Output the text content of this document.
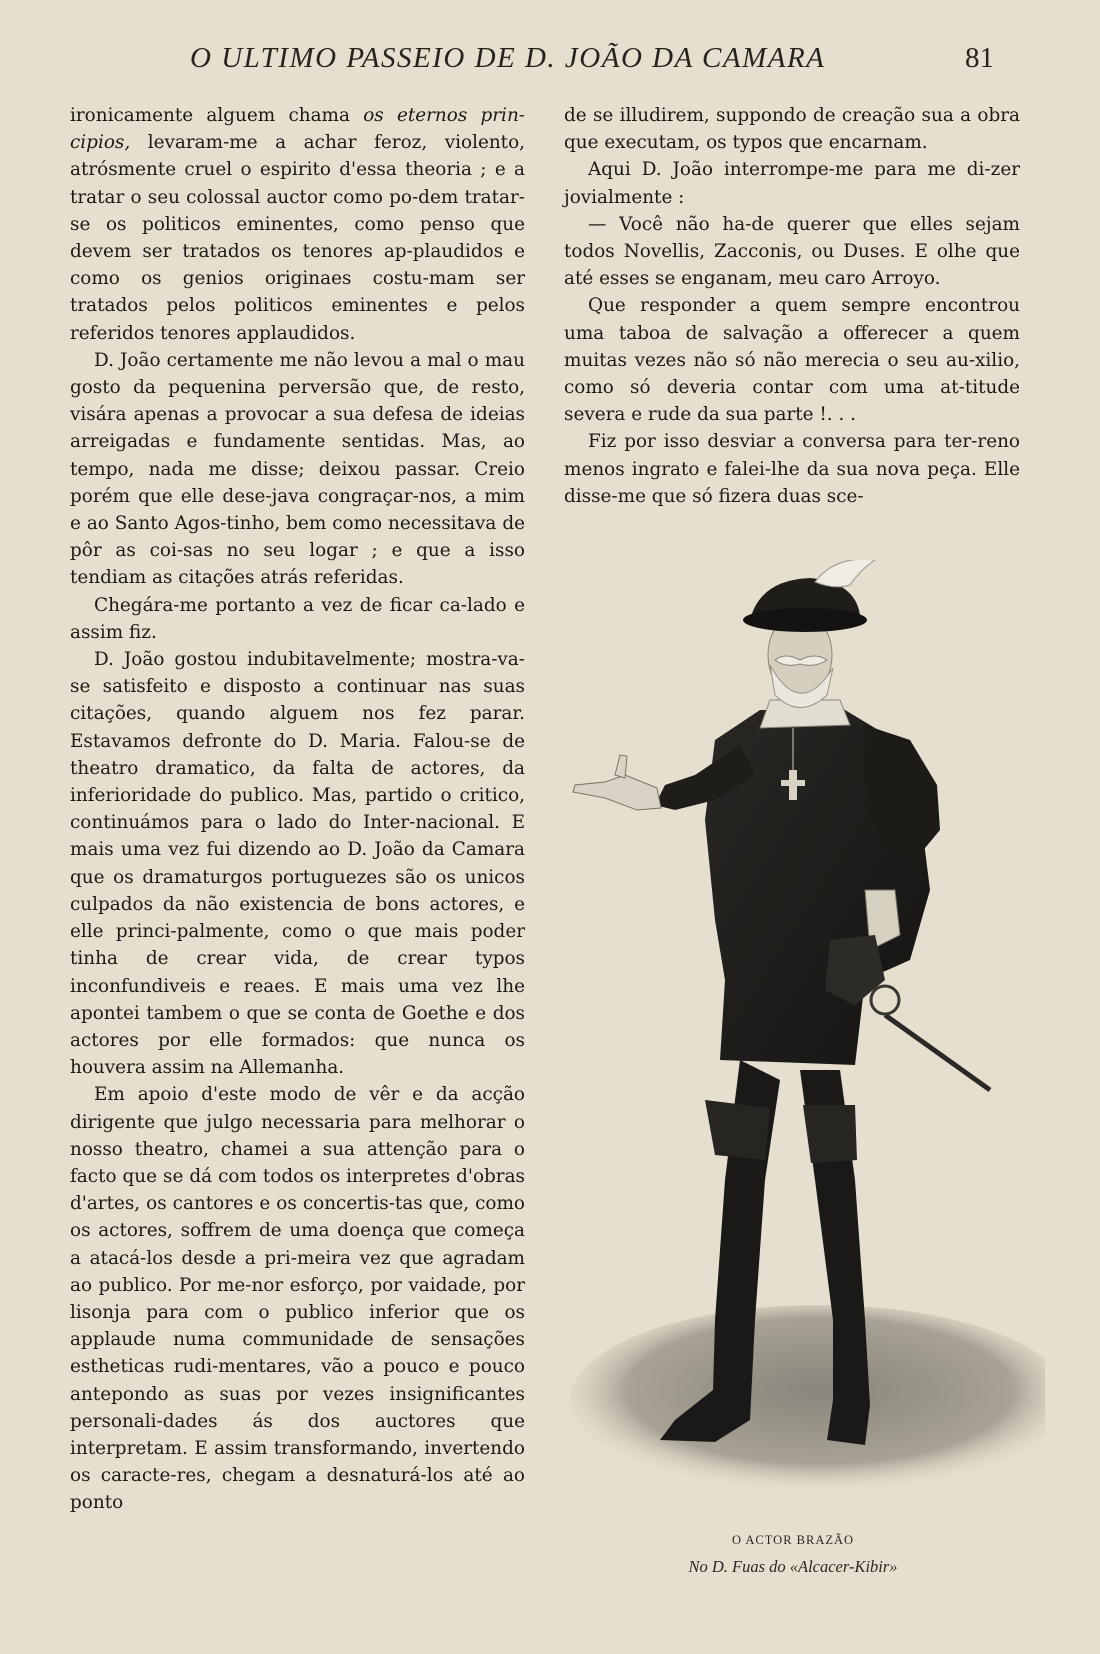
O ULTIMO PASSEIO DE D. JOÃO DA CAMARA	81

ironicamente alguem chama os eternos prin-cipios, levaram-me a achar feroz, violento, atrósmente cruel o espirito d'essa theoria ; e a tratar o seu colossal auctor como po-dem tratar-se os politicos eminentes, como penso que devem ser tratados os tenores ap-plaudidos e como os genios originaes costu-mam ser tratados pelos politicos eminentes e pelos referidos tenores applaudidos.

D. João certamente me não levou a mal o mau gosto da pequenina perversão que, de resto, visára apenas a provocar a sua defesa de ideias arreigadas e fundamente sentidas. Mas, ao tempo, nada me disse; deixou passar. Creio porém que elle dese-java congraçar-nos, a mim e ao Santo Agos-tinho, bem como necessitava de pôr as coi-sas no seu logar ; e que a isso tendiam as citações atrás referidas.

Chegára-me portanto a vez de ficar ca-lado e assim fiz.

D. João gostou indubitavelmente; mostra-va-se satisfeito e disposto a continuar nas suas citações, quando alguem nos fez parar. Estavamos defronte do D. Maria. Falou-se de theatro dramatico, da falta de actores, da inferioridade do publico. Mas, partido o critico, continuámos para o lado do Inter-nacional. E mais uma vez fui dizendo ao D. João da Camara que os dramaturgos portuguezes são os unicos culpados da não existencia de bons actores, e elle princi-palmente, como o que mais poder tinha de crear vida, de crear typos inconfundiveis e reaes. E mais uma vez lhe apontei tambem o que se conta de Goethe e dos actores por elle formados: que nunca os houvera assim na Allemanha.

Em apoio d'este modo de vêr e da acção dirigente que julgo necessaria para melhorar o nosso theatro, chamei a sua attenção para o facto que se dá com todos os interpretes d'obras d'artes, os cantores e os concertis-tas que, como os actores, soffrem de uma doença que começa a atacá-los desde a pri-meira vez que agradam ao publico. Por me-nor esforço, por vaidade, por lisonja para com o publico inferior que os applaude numa communidade de sensações estheticas rudi-mentares, vão a pouco e pouco antepondo as suas por vezes insignificantes personali-dades ás dos auctores que interpretam. E assim transformando, invertendo os caracte-res, chegam a desnaturá-los até ao ponto

de se illudirem, suppondo de creação sua a obra que executam, os typos que encarnam.

Aqui D. João interrompe-me para me di-zer jovialmente :

— Você não ha-de querer que elles sejam todos Novellis, Zacconis, ou Duses. E olhe que até esses se enganam, meu caro Arroyo.

Que responder a quem sempre encontrou uma taboa de salvação a offerecer a quem muitas vezes não só não merecia o seu au-xilio, como só deveria contar com uma at-titude severa e rude da sua parte !. . .

Fiz por isso desviar a conversa para ter-reno menos ingrato e falei-lhe da sua nova peça. Elle disse-me que só fizera duas sce-

O ACTOR BRAZÃO
No D. Fuas do «Alcacer-Kibir»
